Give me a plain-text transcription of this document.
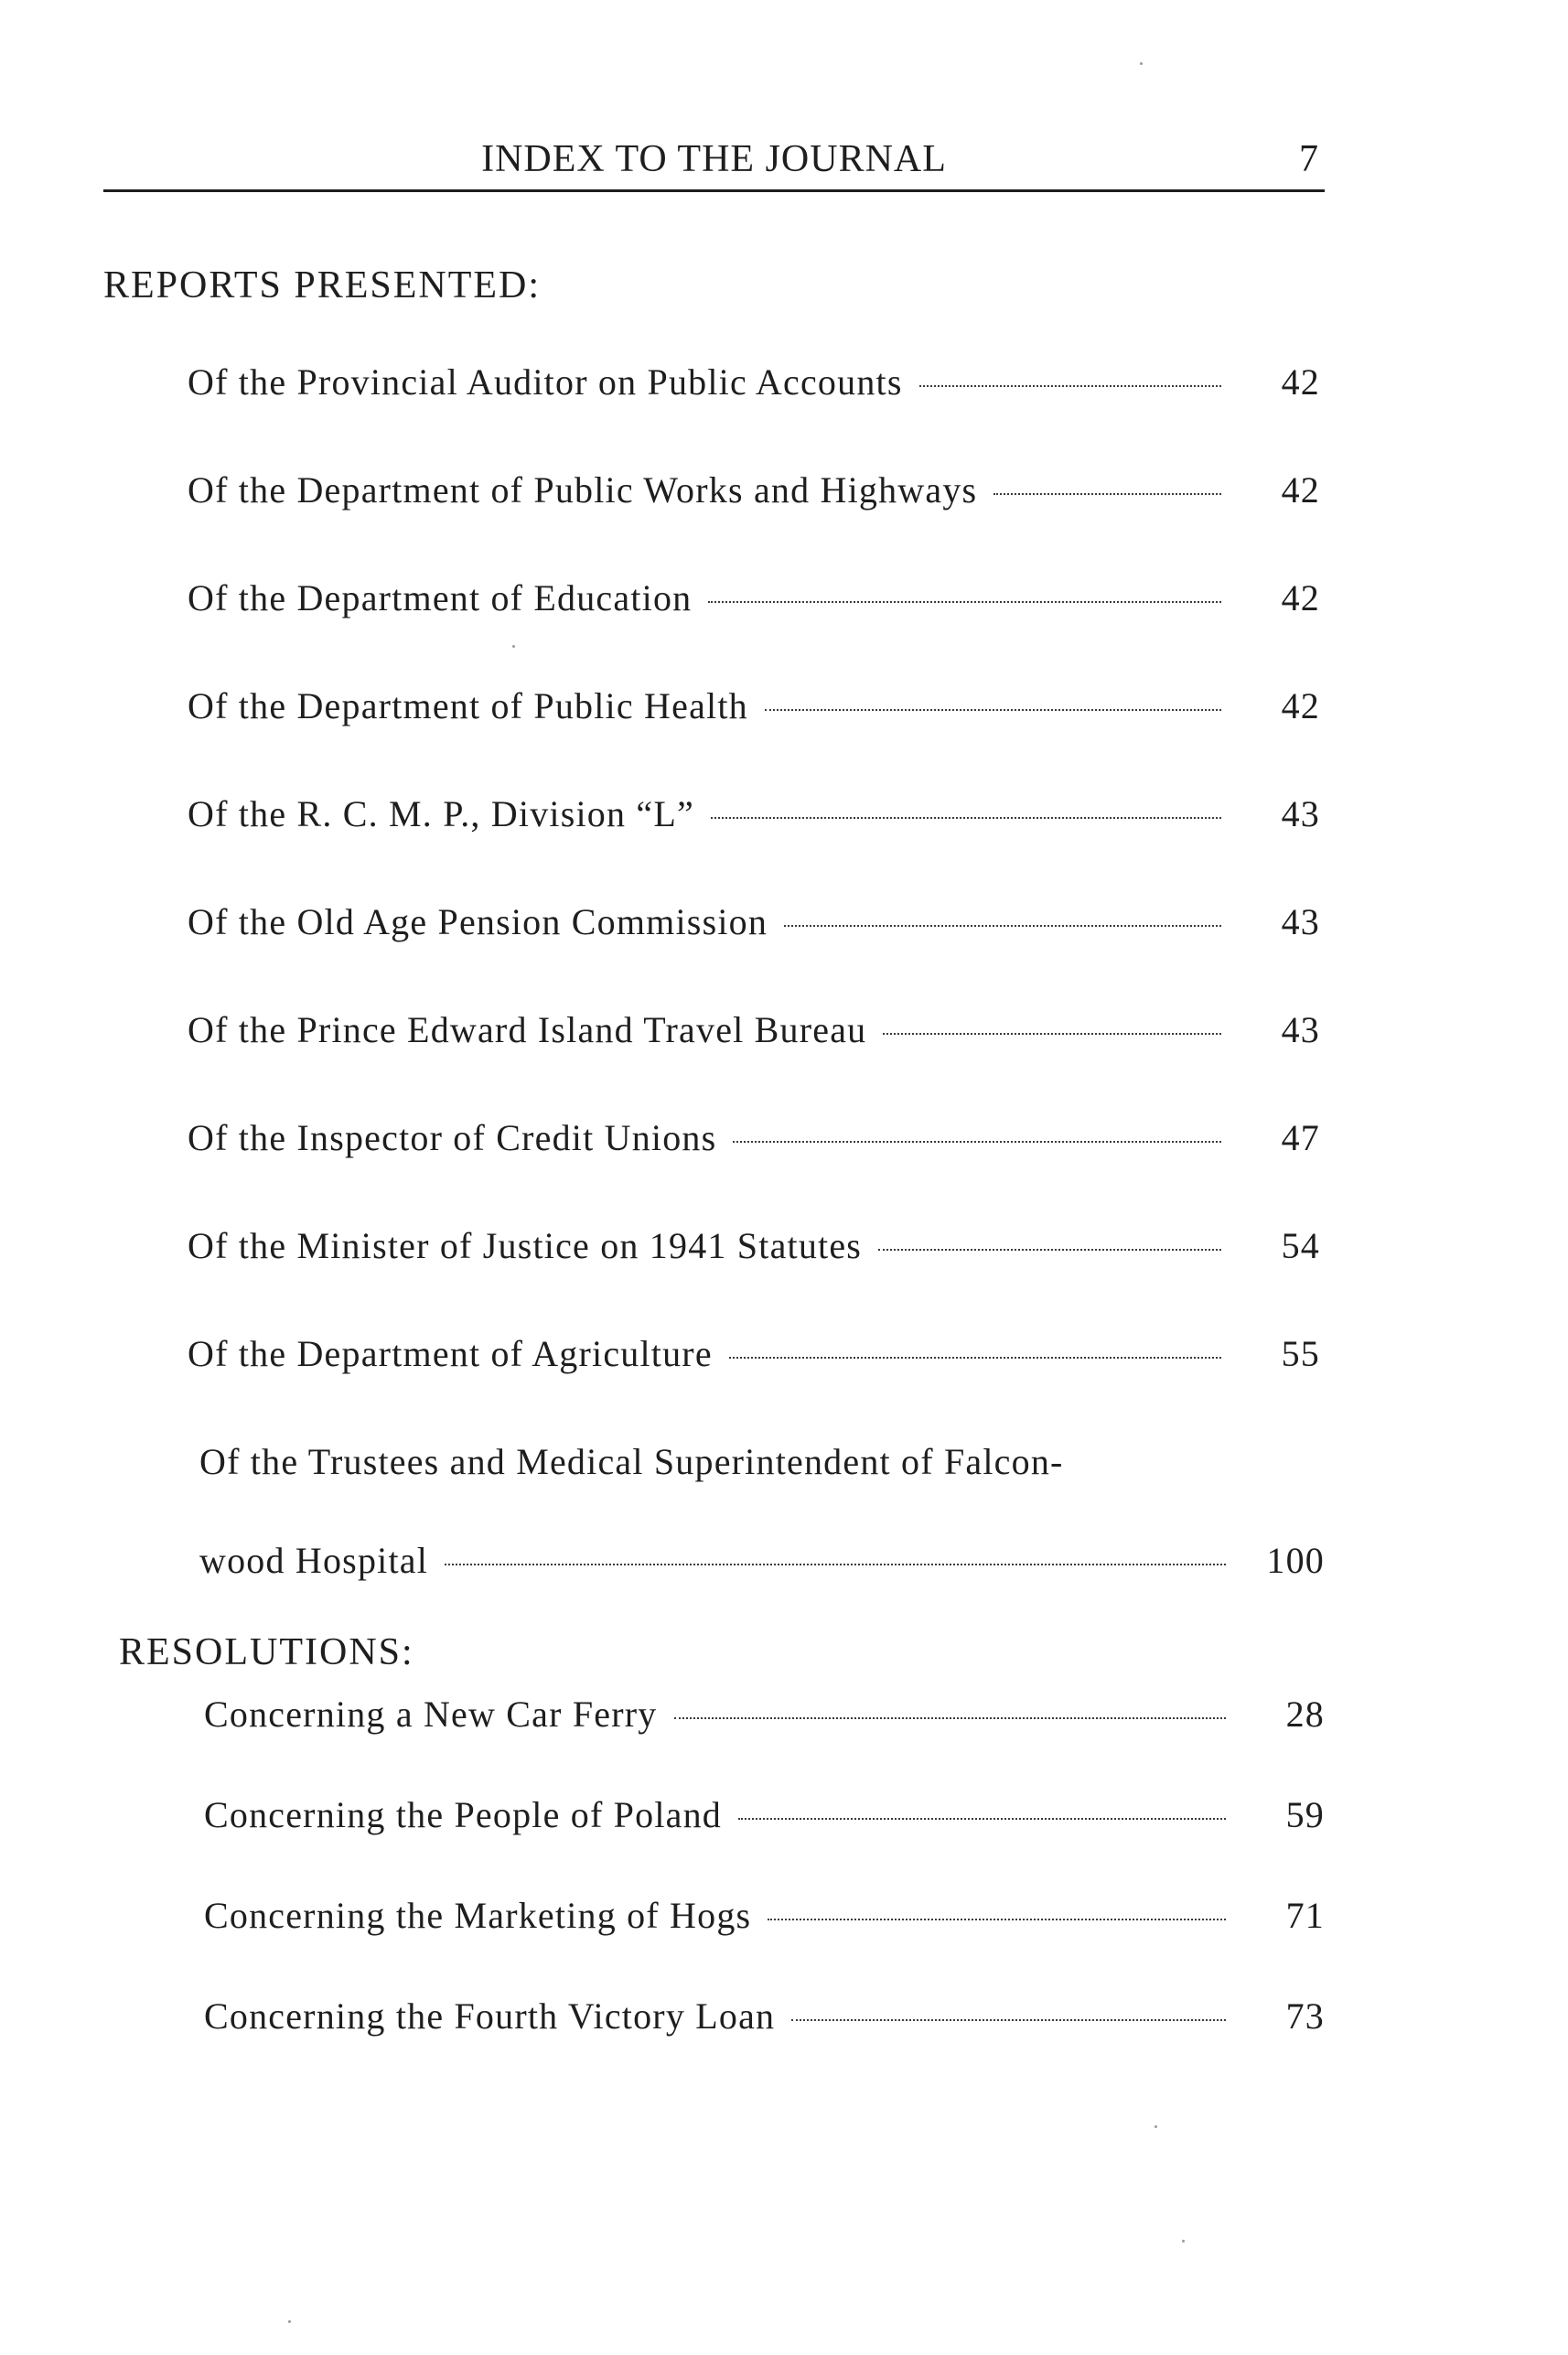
INDEX TO THE JOURNAL	7
REPORTS PRESENTED:
Of the Provincial Auditor on Public Accounts	42
Of the Department of Public Works and Highways	42
Of the Department of Education	42
Of the Department of Public Health	42
Of the R. C. M. P., Division “L”	43
Of the Old Age Pension Commission	43
Of the Prince Edward Island Travel Bureau	43
Of the Inspector of Credit Unions	47
Of the Minister of Justice on 1941 Statutes	54
Of the Department of Agriculture	55
Of the Trustees and Medical Superintendent of Falcon-
wood Hospital	100
RESOLUTIONS:
Concerning a New Car Ferry	28
Concerning the People of Poland	59
Concerning the Marketing of Hogs	71
Concerning the Fourth Victory Loan	73
